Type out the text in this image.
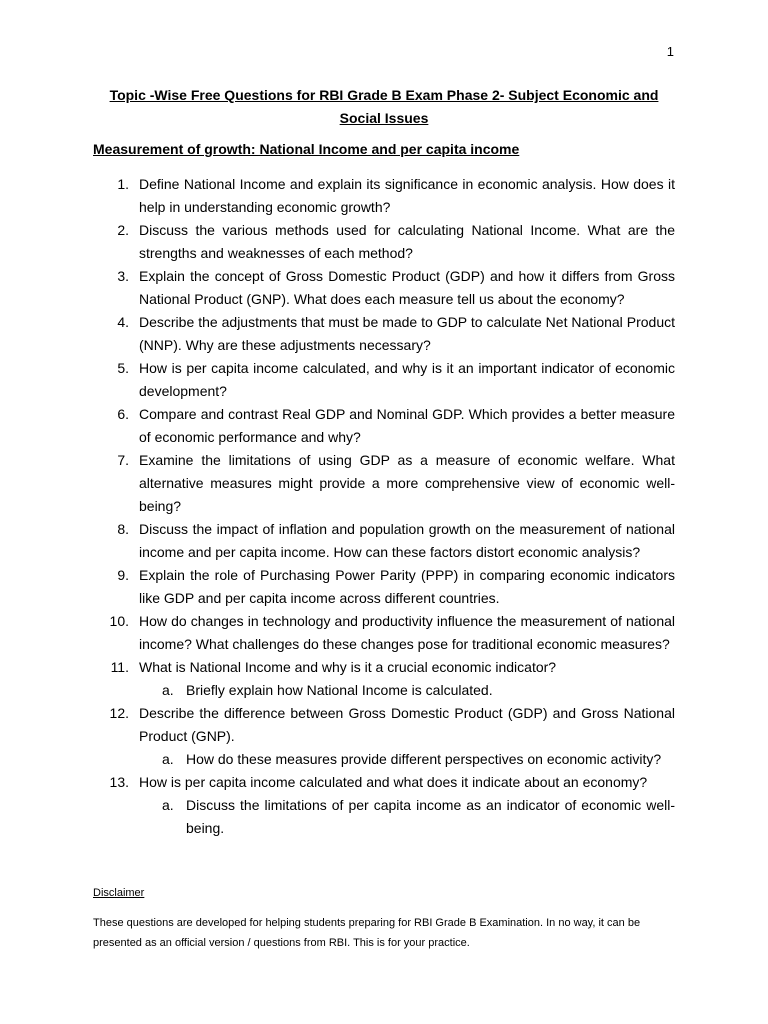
1
Topic -Wise Free Questions for RBI Grade B Exam Phase 2- Subject Economic and Social Issues
Measurement of growth: National Income and per capita income
1. Define National Income and explain its significance in economic analysis. How does it help in understanding economic growth?
2. Discuss the various methods used for calculating National Income. What are the strengths and weaknesses of each method?
3. Explain the concept of Gross Domestic Product (GDP) and how it differs from Gross National Product (GNP). What does each measure tell us about the economy?
4. Describe the adjustments that must be made to GDP to calculate Net National Product (NNP). Why are these adjustments necessary?
5. How is per capita income calculated, and why is it an important indicator of economic development?
6. Compare and contrast Real GDP and Nominal GDP. Which provides a better measure of economic performance and why?
7. Examine the limitations of using GDP as a measure of economic welfare. What alternative measures might provide a more comprehensive view of economic well-being?
8. Discuss the impact of inflation and population growth on the measurement of national income and per capita income. How can these factors distort economic analysis?
9. Explain the role of Purchasing Power Parity (PPP) in comparing economic indicators like GDP and per capita income across different countries.
10. How do changes in technology and productivity influence the measurement of national income? What challenges do these changes pose for traditional economic measures?
11. What is National Income and why is it a crucial economic indicator?
a. Briefly explain how National Income is calculated.
12. Describe the difference between Gross Domestic Product (GDP) and Gross National Product (GNP).
a. How do these measures provide different perspectives on economic activity?
13. How is per capita income calculated and what does it indicate about an economy?
a. Discuss the limitations of per capita income as an indicator of economic well-being.
Disclaimer
These questions are developed for helping students preparing for RBI Grade B Examination. In no way, it can be presented as an official version / questions from RBI. This is for your practice.
